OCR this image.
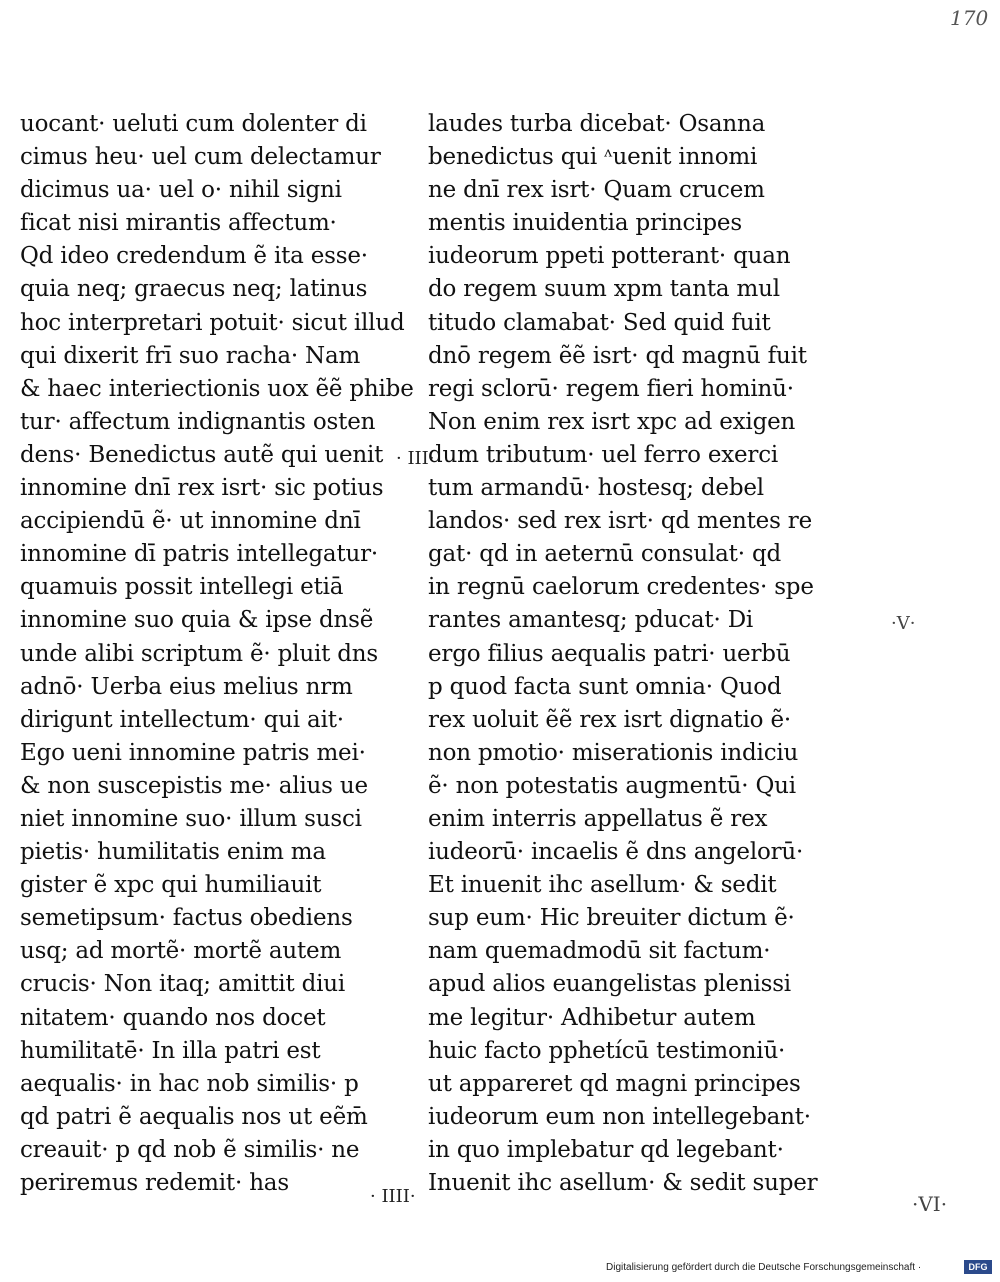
170
uocant· ueluti cum dolenter di
cimus heu· uel cum delectamur
dicimus ua· uel o· nihil signi
ficat nisi mirantis affectum·
Qd ideo credendum ẽ ita esse·
quia neq; graecus neq; latinus
hoc interpretari potuit· sicut illud
qui dixerit frī suo racha· Nam
& haec interiectionis uox ẽẽ phibe
tur· affectum indignantis osten
dens· Benedictus autẽ qui uenit
innomine dnī rex isrt· sic potius
accipiendū ẽ· ut innomine dnī
innomine dī patris intellegatur·
quamuis possit intellegi etiā
innomine suo quia & ipse dnsẽ
unde alibi scriptum ẽ· pluit dns
adnō· Uerba eius melius nrm
dirigunt intellectum· qui ait·
Ego ueni innomine patris mei·
& non suscepistis me· alius ue
niet innomine suo· illum susci
pietis· humilitatis enim ma
gister ẽ xpc qui humiliauit
semetipsum· factus obediens
usq; ad mortẽ· mortẽ autem
crucis· Non itaq; amittit diui
nitatem· quando nos docet
humilitatē· In illa patri est
aequalis· in hac nob similis· p
qd patri ẽ aequalis nos ut eẽm̄
creauit· p qd nob ẽ similis· ne
periremus redemit· has
laudes turba dicebat· Osanna
benedictus qui ᶺuenit innomi
ne dnī rex isrt· Quam crucem
mentis inuidentia principes
iudeorum ppeti potterant· quan
do regem suum xpm tanta mul
titudo clamabat· Sed quid fuit
dnō regem ẽẽ isrt· qd magnū fuit
regi sclorū· regem fieri hominū·
Non enim rex isrt xpc ad exigen
dum tributum· uel ferro exerci
tum armandū· hostesq; debel
landos· sed rex isrt· qd mentes re
gat· qd in aeternū consulat· qd
in regnū caelorum credentes· spe
rantes amantesq; pducat· Di
ergo filius aequalis patri· uerbū
p quod facta sunt omnia· Quod
rex uoluit ẽẽ rex isrt dignatio ẽ·
non pmotio· miserationis indiciu
ẽ· non potestatis augmentū· Qui
enim interris appellatus ẽ rex
iudeorū· incaelis ẽ dns angelorū·
Et inuenit ihc asellum· & sedit
sup eum· Hic breuiter dictum ẽ·
nam quemadmodū sit factum·
apud alios euangelistas plenissi
me legitur· Adhibetur autem
huic facto pphetícū testimoniū·
ut appareret qd magni principes
iudeorum eum non intellegebant·
in quo implebatur qd legebant·
Inuenit ihc asellum· & sedit super
· III·
·V·
· IIII·	·VI·
Digitalisierung gefördert durch die Deutsche Forschungsgemeinschaft ·	DFG
